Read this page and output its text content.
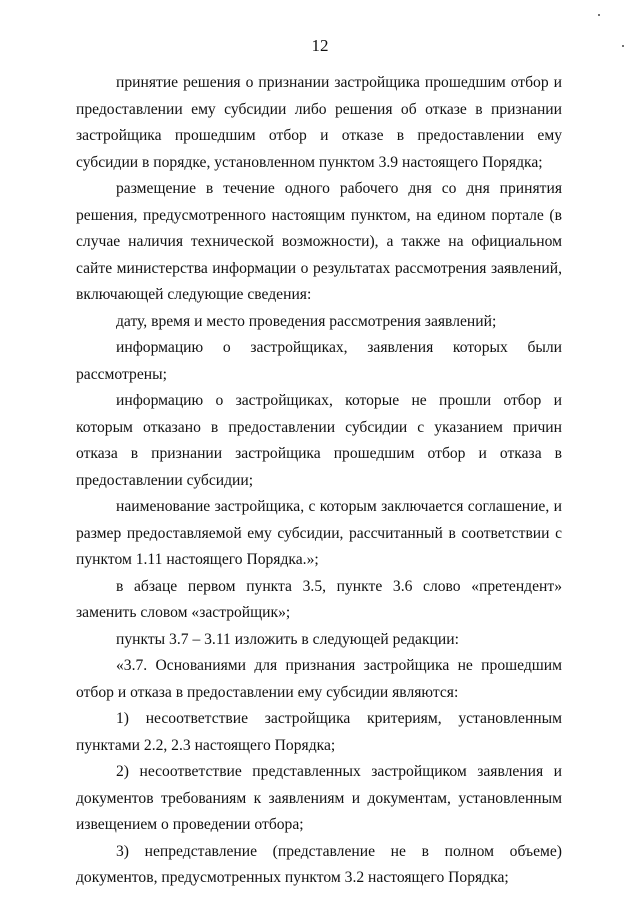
12

принятие решения о признании застройщика прошедшим отбор и предоставлении ему субсидии либо решения об отказе в признании застройщика прошедшим отбор и отказе в предоставлении ему субсидии в порядке, установленном пунктом 3.9 настоящего Порядка;

размещение в течение одного рабочего дня со дня принятия решения, предусмотренного настоящим пунктом, на едином портале (в случае наличия технической возможности), а также на официальном сайте министерства информации о результатах рассмотрения заявлений, включающей следующие сведения:

дату, время и место проведения рассмотрения заявлений;

информацию о застройщиках, заявления которых были рассмотрены;

информацию о застройщиках, которые не прошли отбор и которым отказано в предоставлении субсидии с указанием причин отказа в признании застройщика прошедшим отбор и отказа в предоставлении субсидии;

наименование застройщика, с которым заключается соглашение, и размер предоставляемой ему субсидии, рассчитанный в соответствии с пунктом 1.11 настоящего Порядка.»;

в абзаце первом пункта 3.5, пункте 3.6 слово «претендент» заменить словом «застройщик»;

пункты 3.7 – 3.11 изложить в следующей редакции:

«3.7. Основаниями для признания застройщика не прошедшим отбор и отказа в предоставлении ему субсидии являются:

1) несоответствие застройщика критериям, установленным пунктами 2.2, 2.3 настоящего Порядка;

2) несоответствие представленных застройщиком заявления и документов требованиям к заявлениям и документам, установленным извещением о проведении отбора;

3) непредставление (представление не в полном объеме) документов, предусмотренных пунктом 3.2 настоящего Порядка;
